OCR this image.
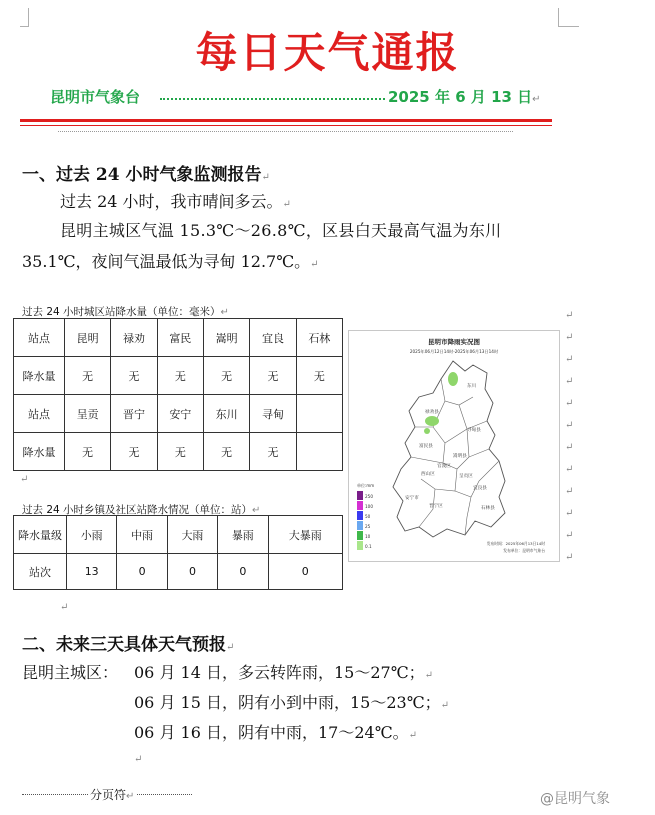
每日天气通报
昆明市气象台	2025 年 6 月 13 日↵
一、过去 24 小时气象监测报告↵
过去 24 小时，我市晴间多云。↵
昆明主城区气温 15.3℃～26.8℃，区县白天最高气温为东川
35.1℃，夜间气温最低为寻甸 12.7℃。↵
过去 24 小时城区站降水量（单位：毫米）↵
站点	昆明	禄劝	富民	嵩明	宜良	石林
降水量	无	无	无	无	无	无
站点	呈贡	晋宁	安宁	东川	寻甸	
降水量	无	无	无	无	无	
过去 24 小时乡镇及社区站降水情况（单位：站）↵
降水量级	小雨	中雨	大雨	暴雨	大暴雨
站次	13	0	0	0	0
昆明市降雨实况图
2025年06月12日14时-2025年06月13日14时
东川
禄劝县
寻甸县
嵩明县
富民县
官渡区
西山区	呈贡区
宜良县
安宁市
晋宁区	石林县
单位:mm
250
100
50
25
10
0.1
发布时间：2025年06月13日14时
发布单位：昆明市气象台
↵
↵
↵
↵
↵
↵
↵
↵
↵
↵
↵
↵
↵
↵
二、未来三天具体天气预报↵
昆明主城区： 06 月 14 日，多云转阵雨，15～27℃；↵
06 月 15 日，阴有小到中雨，15～23℃；↵
06 月 16 日，阴有中雨，17～24℃。↵
↵
分页符↵	@昆明气象
